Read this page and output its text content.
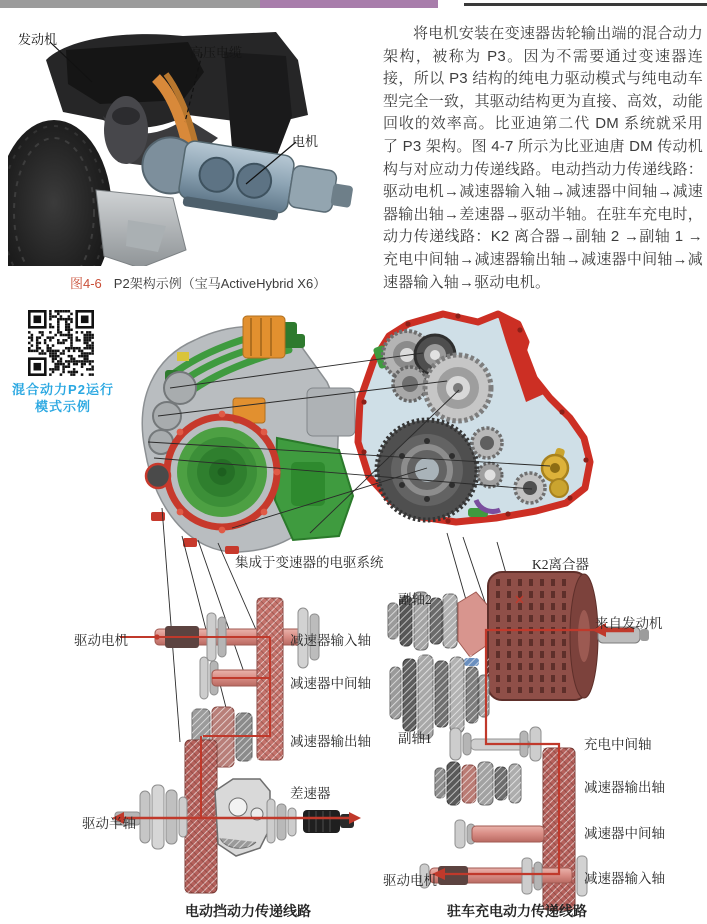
发动机
高压电缆
电机
图4-6 P2架构示例（宝马ActiveHybrid X6）
将电机安装在变速器齿轮输出端的混合动力架构，被称为 P3。因为不需要通过变速器连接，所以 P3 结构的纯电力驱动模式与纯电动车型完全一致，其驱动结构更为直接、高效，动能回收的效率高。比亚迪第二代 DM 系统就采用了 P3 架构。图 4-7 所示为比亚迪唐 DM 传动机构与对应动力传递线路。电动挡动力传递线路：驱动电机→减速器输入轴→减速器中间轴→减速器输出轴→差速器→驱动半轴。在驻车充电时，动力传递线路：K2 离合器→副轴 2 →副轴 1 →充电中间轴→减速器输出轴→减速器中间轴→减速器输入轴→驱动电机。
混合动力P2运行
模式示例
集成于变速器的电驱系统	K2离合器
驱动电机	减速器输入轴
减速器中间轴
减速器输出轴
差速器
驱动半轴
电动挡动力传递线路
副轴2
来自发动机
副轴1	充电中间轴
减速器输出轴
减速器中间轴
减速器输入轴
驱动电机
驻车充电动力传递线路
